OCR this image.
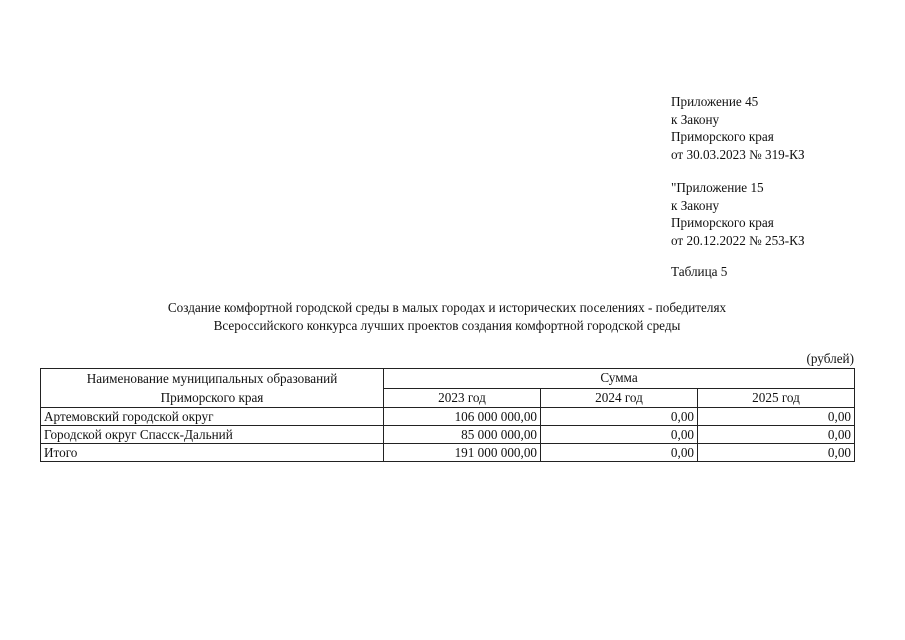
Приложение 45
к Закону
Приморского края
от 30.03.2023 № 319-КЗ
"Приложение 15
к Закону
Приморского края
от 20.12.2022 № 253-КЗ
Таблица 5
Создание комфортной городской среды в малых городах и исторических поселениях - победителях
Всероссийского конкурса лучших проектов создания комфортной городской среды
(рублей)
Наименование муниципальных образований
Приморского края	Сумма		
	2023 год	2024 год	2025 год
Артемовский городской округ	106 000 000,00	0,00	0,00
Городской округ Спасск-Дальний	85 000 000,00	0,00	0,00
Итого	191 000 000,00	0,00	0,00
